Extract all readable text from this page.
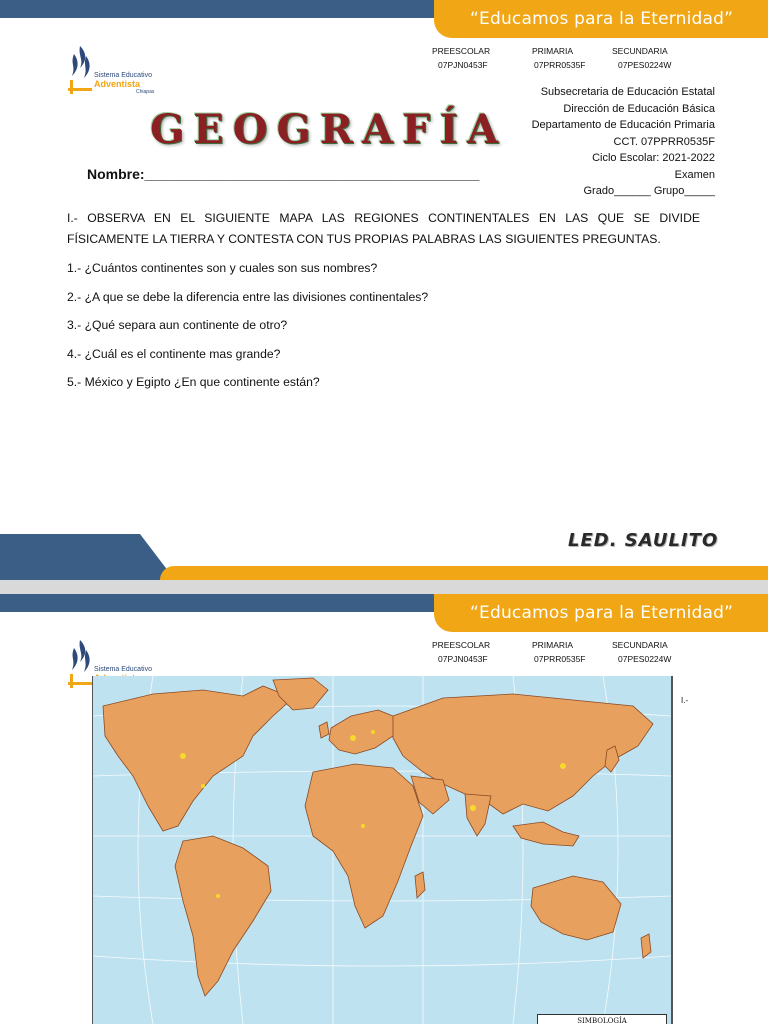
“Educamos para la Eternidad”
Sistema Educativo
Adventista
Chiapas
PREESCOLAR
07PJN0453F
PRIMARIA
07PRR0535F
SECUNDARIA
07PES0224W
Subsecretaria de Educación Estatal
Dirección de Educación Básica
Departamento de Educación Primaria
CCT. 07PPRR0535F
Ciclo Escolar: 2021-2022
Examen
Grado______ Grupo_____
GEOGRAFÍA
Nombre:___________________________________________
I.- OBSERVA EN EL SIGUIENTE MAPA LAS REGIONES CONTINENTALES EN LAS QUE SE DIVIDE FÍSICAMENTE LA TIERRA Y CONTESTA CON TUS PROPIAS PALABRAS LAS SIGUIENTES PREGUNTAS.
1.- ¿Cuántos continentes son y cuales son sus nombres?
2.- ¿A que se debe la diferencia entre las divisiones continentales?
3.- ¿Qué separa aun continente de otro?
4.- ¿Cuál es el continente mas grande?
5.- México y Egipto ¿En que continente están?
LED. SAULITO
“Educamos para la Eternidad”
Sistema Educativo
PREESCOLAR
07PJN0453F
PRIMARIA
07PRR0535F
SECUNDARIA
07PES0224W
I.-
SIMBOLOGÍA
